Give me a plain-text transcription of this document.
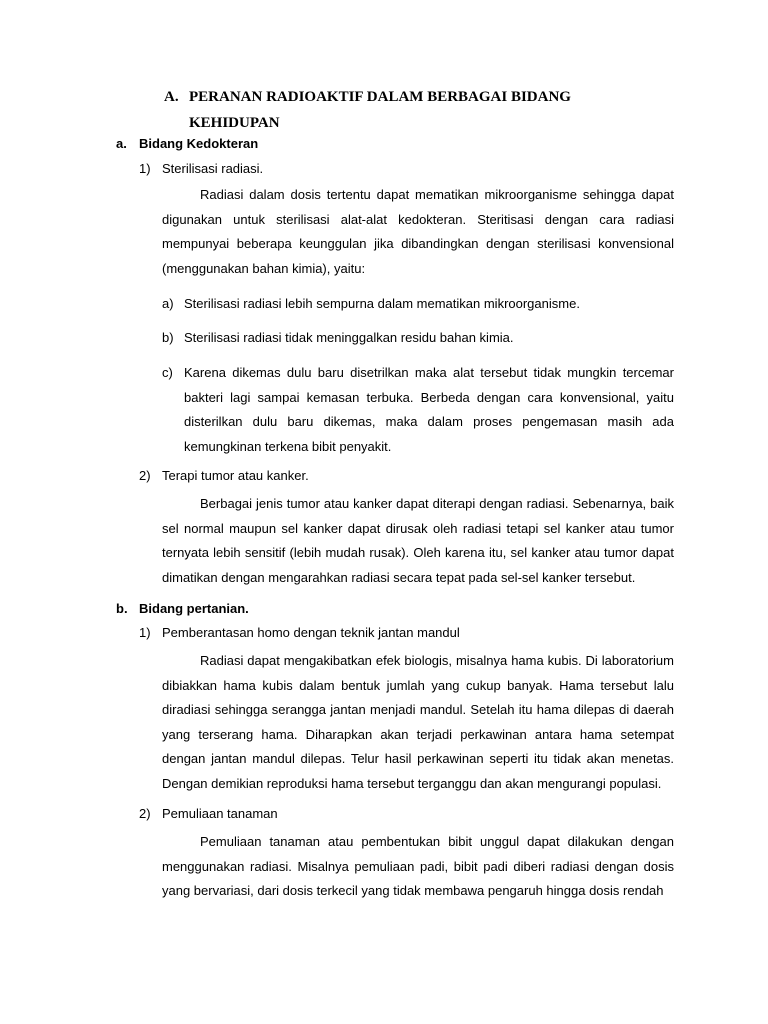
A. PERANAN RADIOAKTIF DALAM BERBAGAI BIDANG KEHIDUPAN
a. Bidang Kedokteran
1) Sterilisasi radiasi.
Radiasi dalam dosis tertentu dapat mematikan mikroorganisme sehingga dapat digunakan untuk sterilisasi alat-alat kedokteran. Steritisasi dengan cara radiasi mempunyai beberapa keunggulan jika dibandingkan dengan sterilisasi konvensional (menggunakan bahan kimia), yaitu:
a) Sterilisasi radiasi lebih sempurna dalam mematikan mikroorganisme.
b) Sterilisasi radiasi tidak meninggalkan residu bahan kimia.
c) Karena dikemas dulu baru disetrilkan maka alat tersebut tidak mungkin tercemar bakteri lagi sampai kemasan terbuka. Berbeda dengan cara konvensional, yaitu disterilkan dulu baru dikemas, maka dalam proses pengemasan masih ada kemungkinan terkena bibit penyakit.
2) Terapi tumor atau kanker.
Berbagai jenis tumor atau kanker dapat diterapi dengan radiasi. Sebenarnya, baik sel normal maupun sel kanker dapat dirusak oleh radiasi tetapi sel kanker atau tumor ternyata lebih sensitif (lebih mudah rusak). Oleh karena itu, sel kanker atau tumor dapat dimatikan dengan mengarahkan radiasi secara tepat pada sel-sel kanker tersebut.
b. Bidang pertanian.
1) Pemberantasan homo dengan teknik jantan mandul
Radiasi dapat mengakibatkan efek biologis, misalnya hama kubis. Di laboratorium dibiakkan hama kubis dalam bentuk jumlah yang cukup banyak. Hama tersebut lalu diradiasi sehingga serangga jantan menjadi mandul. Setelah itu hama dilepas di daerah yang terserang hama. Diharapkan akan terjadi perkawinan antara hama setempat dengan jantan mandul dilepas. Telur hasil perkawinan seperti itu tidak akan menetas. Dengan demikian reproduksi hama tersebut terganggu dan akan mengurangi populasi.
2) Pemuliaan tanaman
Pemuliaan tanaman atau pembentukan bibit unggul dapat dilakukan dengan menggunakan radiasi. Misalnya pemuliaan padi, bibit padi diberi radiasi dengan dosis yang bervariasi, dari dosis terkecil yang tidak membawa pengaruh hingga dosis rendah
